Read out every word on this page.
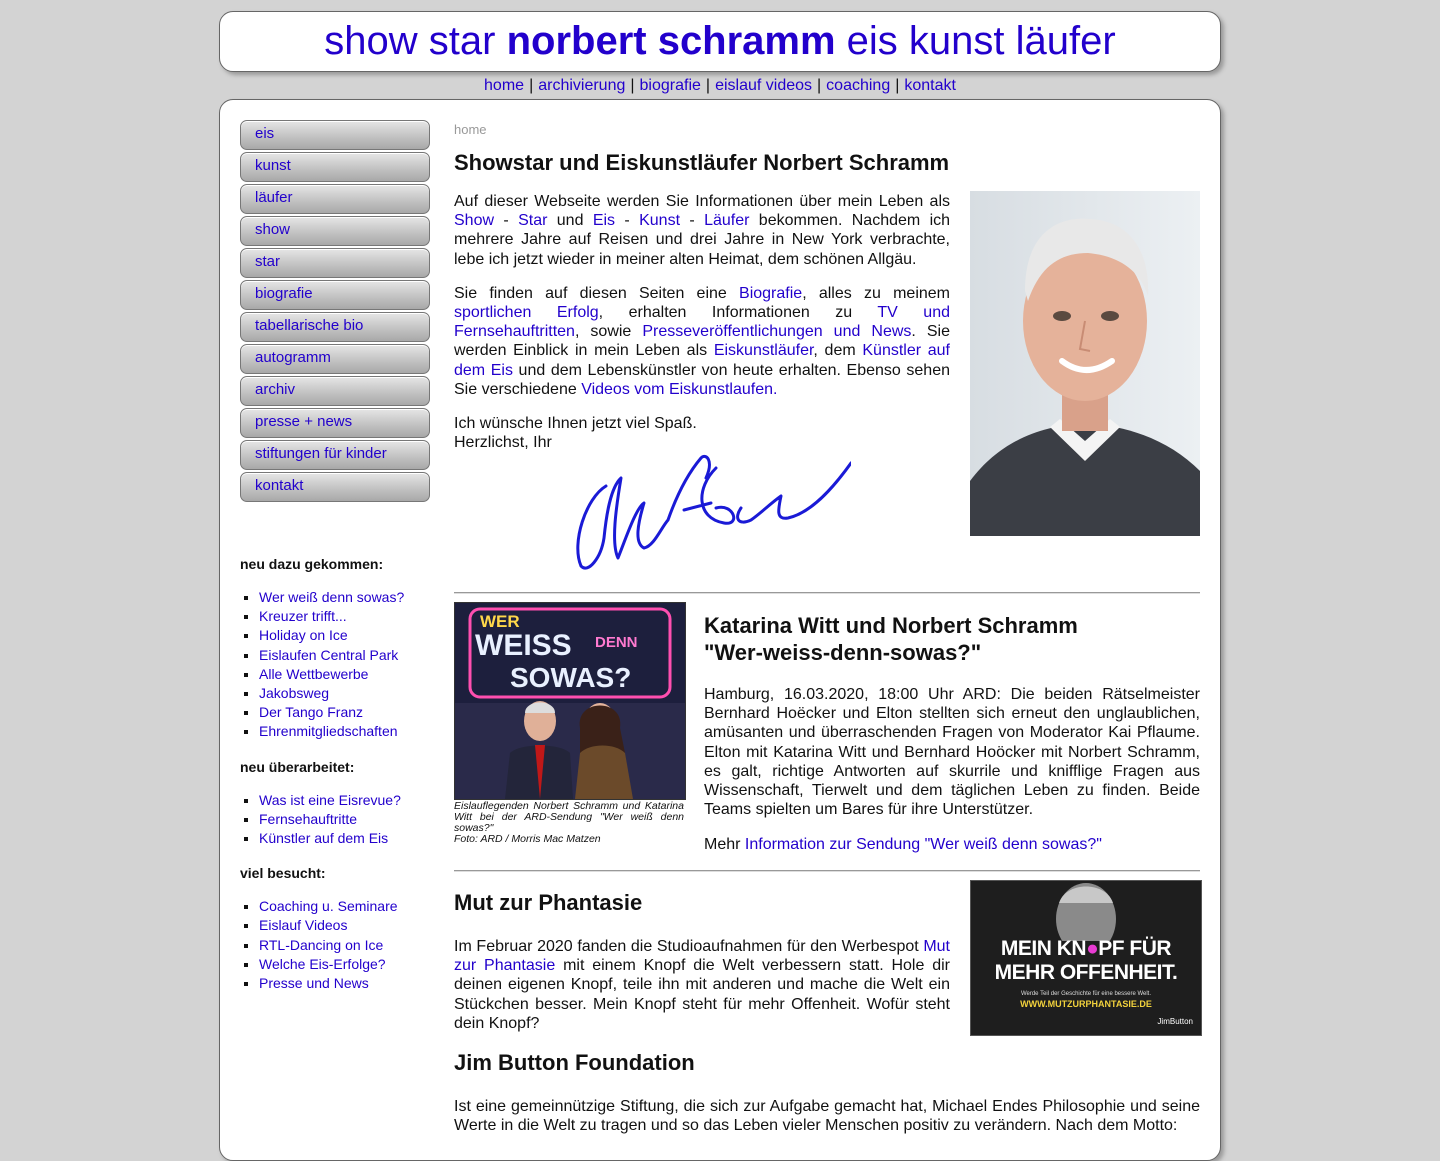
show star norbert schramm eis kunst läufer
home | archivierung | biografie | eislauf videos | coaching | kontakt
eis
kunst
läufer
show
star
biografie
tabellarische bio
autogramm
archiv
presse + news
stiftungen für kinder
kontakt
neu dazu gekommen:
▪ Wer weiß denn sowas?
▪ Kreuzer trifft...
▪ Holiday on Ice
▪ Eislaufen Central Park
▪ Alle Wettbewerbe
▪ Jakobsweg
▪ Der Tango Franz
▪ Ehrenmitgliedschaften
neu überarbeitet:
▪ Was ist eine Eisrevue?
▪ Fernsehauftritte
▪ Künstler auf dem Eis
viel besucht:
▪ Coaching u. Seminare
▪ Eislauf Videos
▪ RTL-Dancing on Ice
▪ Welche Eis-Erfolge?
▪ Presse und News
home
Showstar und Eiskunstläufer Norbert Schramm

Auf dieser Webseite werden Sie Informationen über mein Leben als Show - Star und Eis - Kunst - Läufer bekommen. Nachdem ich mehrere Jahre auf Reisen und drei Jahre in New York verbrachte, lebe ich jetzt wieder in meiner alten Heimat, dem schönen Allgäu.

Sie finden auf diesen Seiten eine Biografie, alles zu meinem sportlichen Erfolg, erhalten Informationen zu TV und Fernsehauftritten, sowie Presseveröffentlichungen und News. Sie werden Einblick in mein Leben als Eiskunstläufer, dem Künstler auf dem Eis und dem Lebenskünstler von heute erhalten. Ebenso sehen Sie verschiedene Videos vom Eiskunstlaufen.

Ich wünsche Ihnen jetzt viel Spaß.
Herzlichst, Ihr
WER
WEISS DENN
SOWAS?
Eislauflegenden Norbert Schramm und Katarina Witt bei der ARD-Sendung "Wer weiß denn sowas?"
Foto: ARD / Morris Mac Matzen
Katarina Witt und Norbert Schramm
"Wer-weiss-denn-sowas?"

Hamburg, 16.03.2020, 18:00 Uhr ARD: Die beiden Rätselmeister Bernhard Hoëcker und Elton stellten sich erneut den unglaublichen, amüsanten und überraschenden Fragen von Moderator Kai Pflaume. Elton mit Katarina Witt und Bernhard Hoöcker mit Norbert Schramm, es galt, richtige Antworten auf skurrile und knifflige Fragen aus Wissenschaft, Tierwelt und dem täglichen Leben zu finden. Beide Teams spielten um Bares für ihre Unterstützer.

Mehr Information zur Sendung "Wer weiß denn sowas?"

Mut zur Phantasie
Im Februar 2020 fanden die Studioaufnahmen für den Werbespot Mut zur Phantasie mit einem Knopf die Welt verbessern statt. Hole dir deinen eigenen Knopf, teile ihn mit anderen und mache die Welt ein Stückchen besser. Mein Knopf steht für mehr Offenheit. Wofür steht dein Knopf?
MEIN KN●PF FÜR
MEHR OFFENHEIT.
Werde Teil der Geschichte für eine bessere Welt.
WWW.MUTZURPHANTASIE.DE
JimButton
Jim Button Foundation
Ist eine gemeinnützige Stiftung, die sich zur Aufgabe gemacht hat, Michael Endes Philosophie und seine Werte in die Welt zu tragen und so das Leben vieler Menschen positiv zu verändern. Nach dem Motto:
